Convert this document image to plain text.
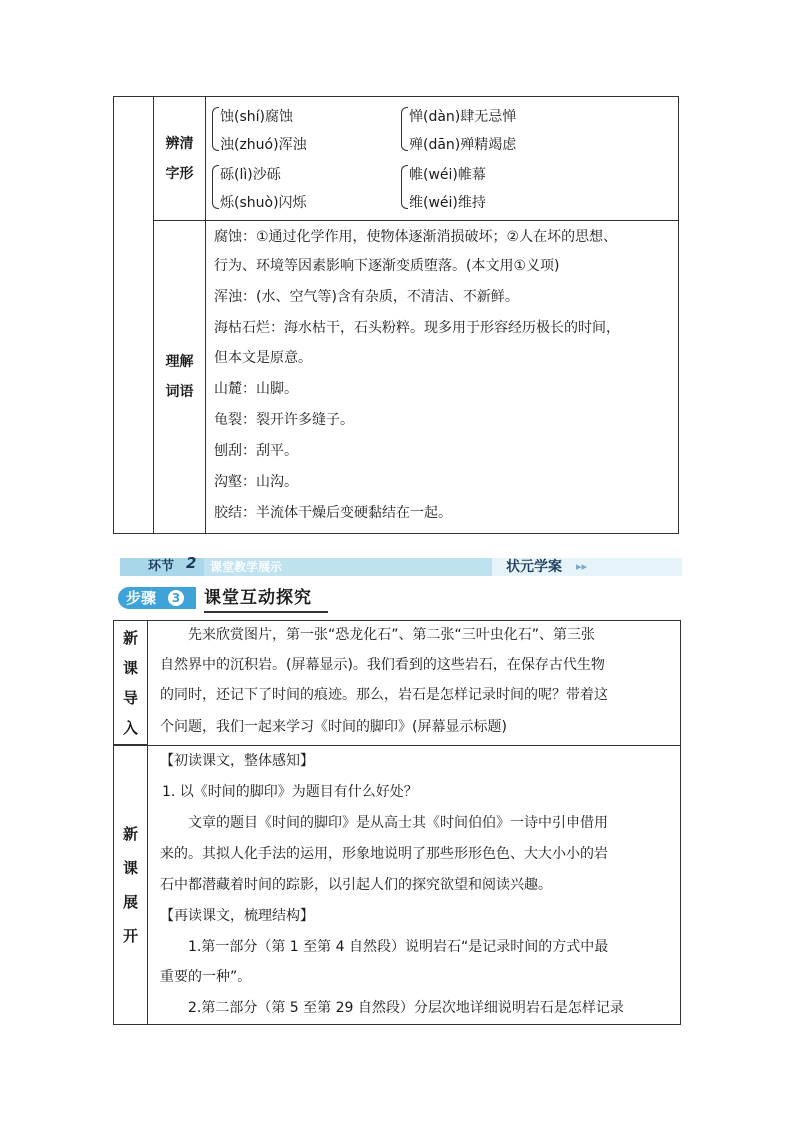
辨清
字形
蚀(shí)腐蚀
浊(zhuó)浑浊
惮(dàn)肆无忌惮
殚(dān)殚精竭虑
砾(lì)沙砾
烁(shuò)闪烁
帷(wéi)帷幕
维(wéi)维持
理解
词语
腐蚀：①通过化学作用，使物体逐渐消损破坏；②人在坏的思想、
行为、环境等因素影响下逐渐变质堕落。(本文用①义项)
浑浊：(水、空气等)含有杂质，不清洁、不新鲜。
海枯石烂：海水枯干，石头粉粹。现多用于形容经历极长的时间，
但本文是原意。
山麓：山脚。
龟裂：裂开许多缝子。
刨刮：刮平。
沟壑：山沟。
胶结：半流体干燥后变硬黏结在一起。
环节 2 课堂教学展示	状元学案 ▸▸
步骤	3 课堂互动探究
新
课
导
入
新
课
展
开
先来欣赏图片，第一张“恐龙化石”、第二张“三叶虫化石”、第三张
自然界中的沉积岩。(屏幕显示)。我们看到的这些岩石，在保存古代生物
的同时，还记下了时间的痕迹。那么，岩石是怎样记录时间的呢？带着这
个问题，我们一起来学习《时间的脚印》(屏幕显示标题)
【初读课文，整体感知】
1. 以《时间的脚印》为题目有什么好处？
文章的题目《时间的脚印》是从高士其《时间伯伯》一诗中引申借用
来的。其拟人化手法的运用，形象地说明了那些形形色色、大大小小的岩
石中都潜藏着时间的踪影，以引起人们的探究欲望和阅读兴趣。
【再读课文，梳理结构】
1.第一部分（第 1 至第 4 自然段）说明岩石“是记录时间的方式中最
重要的一种”。
2.第二部分（第 5 至第 29 自然段）分层次地详细说明岩石是怎样记录
